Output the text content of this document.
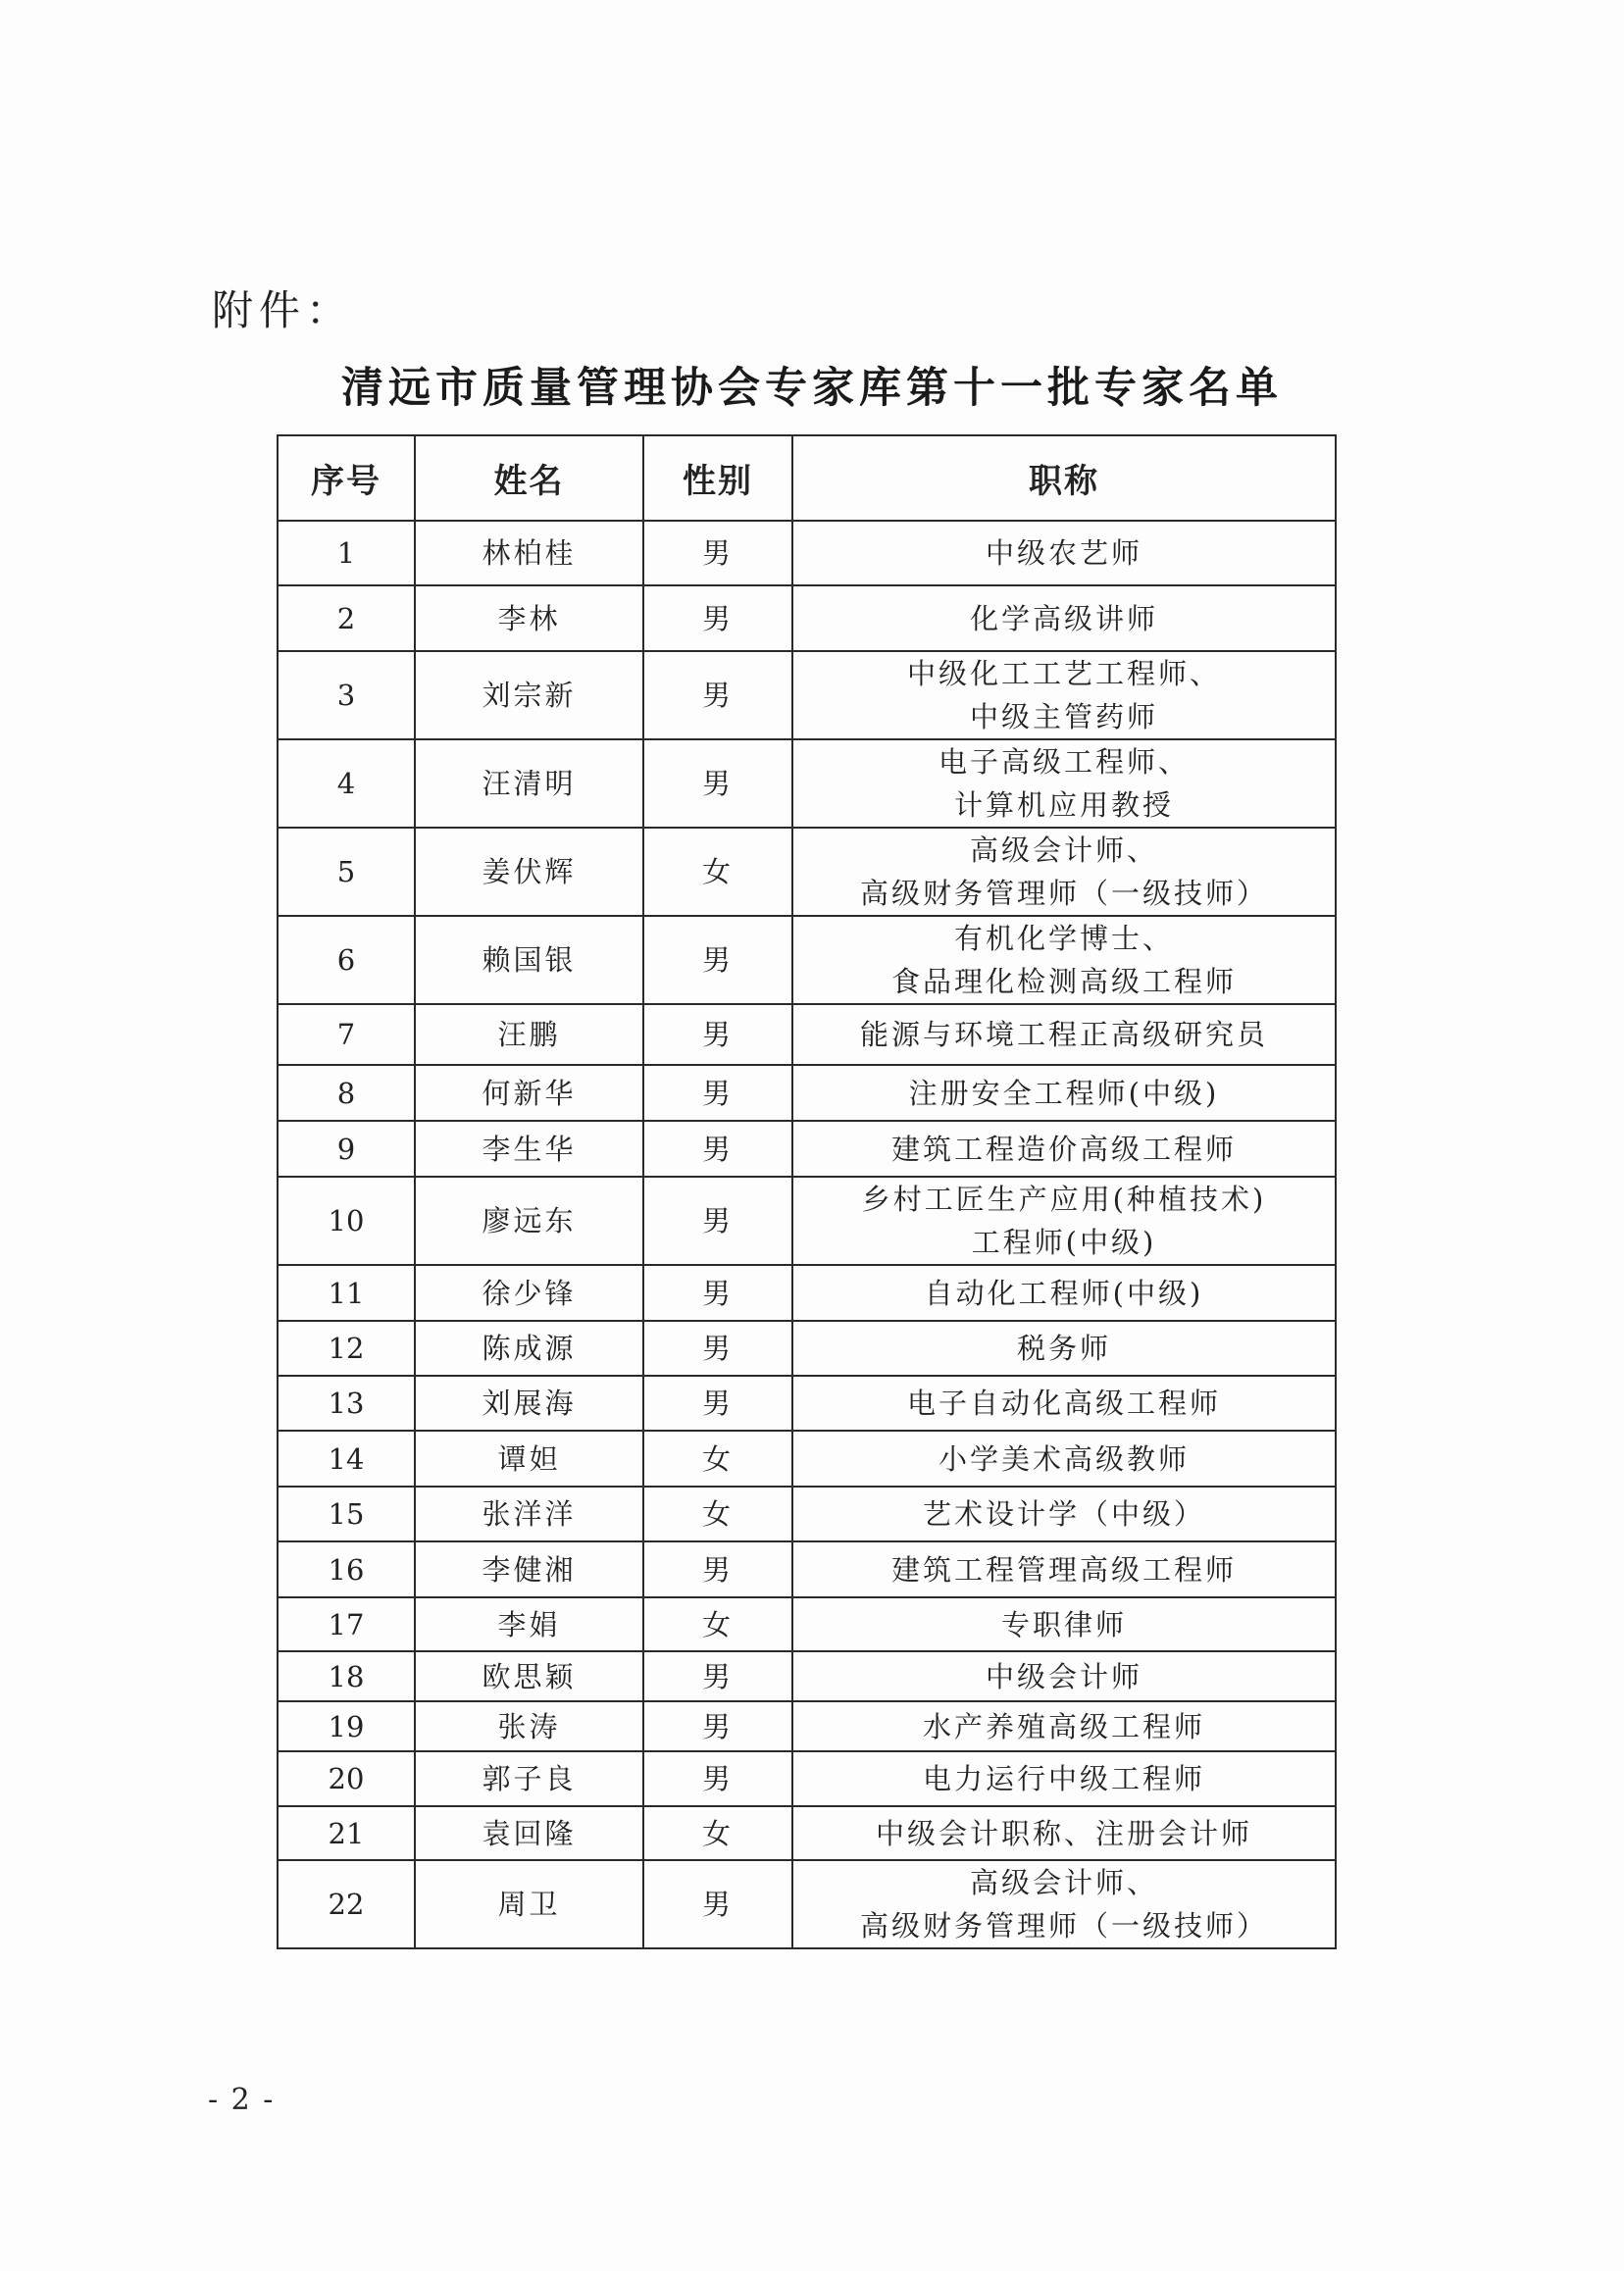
附件：
清远市质量管理协会专家库第十一批专家名单
序号	姓名	性别	职称
1	林柏桂	男	中级农艺师

2	李林	男	化学高级讲师

3	刘宗新	男	中级化工工艺工程师、
中级主管药师

4	汪清明	男	电子高级工程师、
计算机应用教授

5	姜伏辉	女	高级会计师、
高级财务管理师（一级技师）

6	赖国银	男	有机化学博士、
食品理化检测高级工程师

7	汪鹏	男	能源与环境工程正高级研究员

8	何新华	男	注册安全工程师(中级)

9	李生华	男	建筑工程造价高级工程师

10	廖远东	男	乡村工匠生产应用(种植技术)
工程师(中级)

11	徐少锋	男	自动化工程师(中级)

12	陈成源	男	税务师

13	刘展海	男	电子自动化高级工程师

14	谭妲	女	小学美术高级教师

15	张洋洋	女	艺术设计学（中级）

16	李健湘	男	建筑工程管理高级工程师

17	李娟	女	专职律师

18	欧思颖	男	中级会计师

19	张涛	男	水产养殖高级工程师

20	郭子良	男	电力运行中级工程师

21	袁回隆	女	中级会计职称、注册会计师

22	周卫	男	高级会计师、
高级财务管理师（一级技师）
- 2 -
